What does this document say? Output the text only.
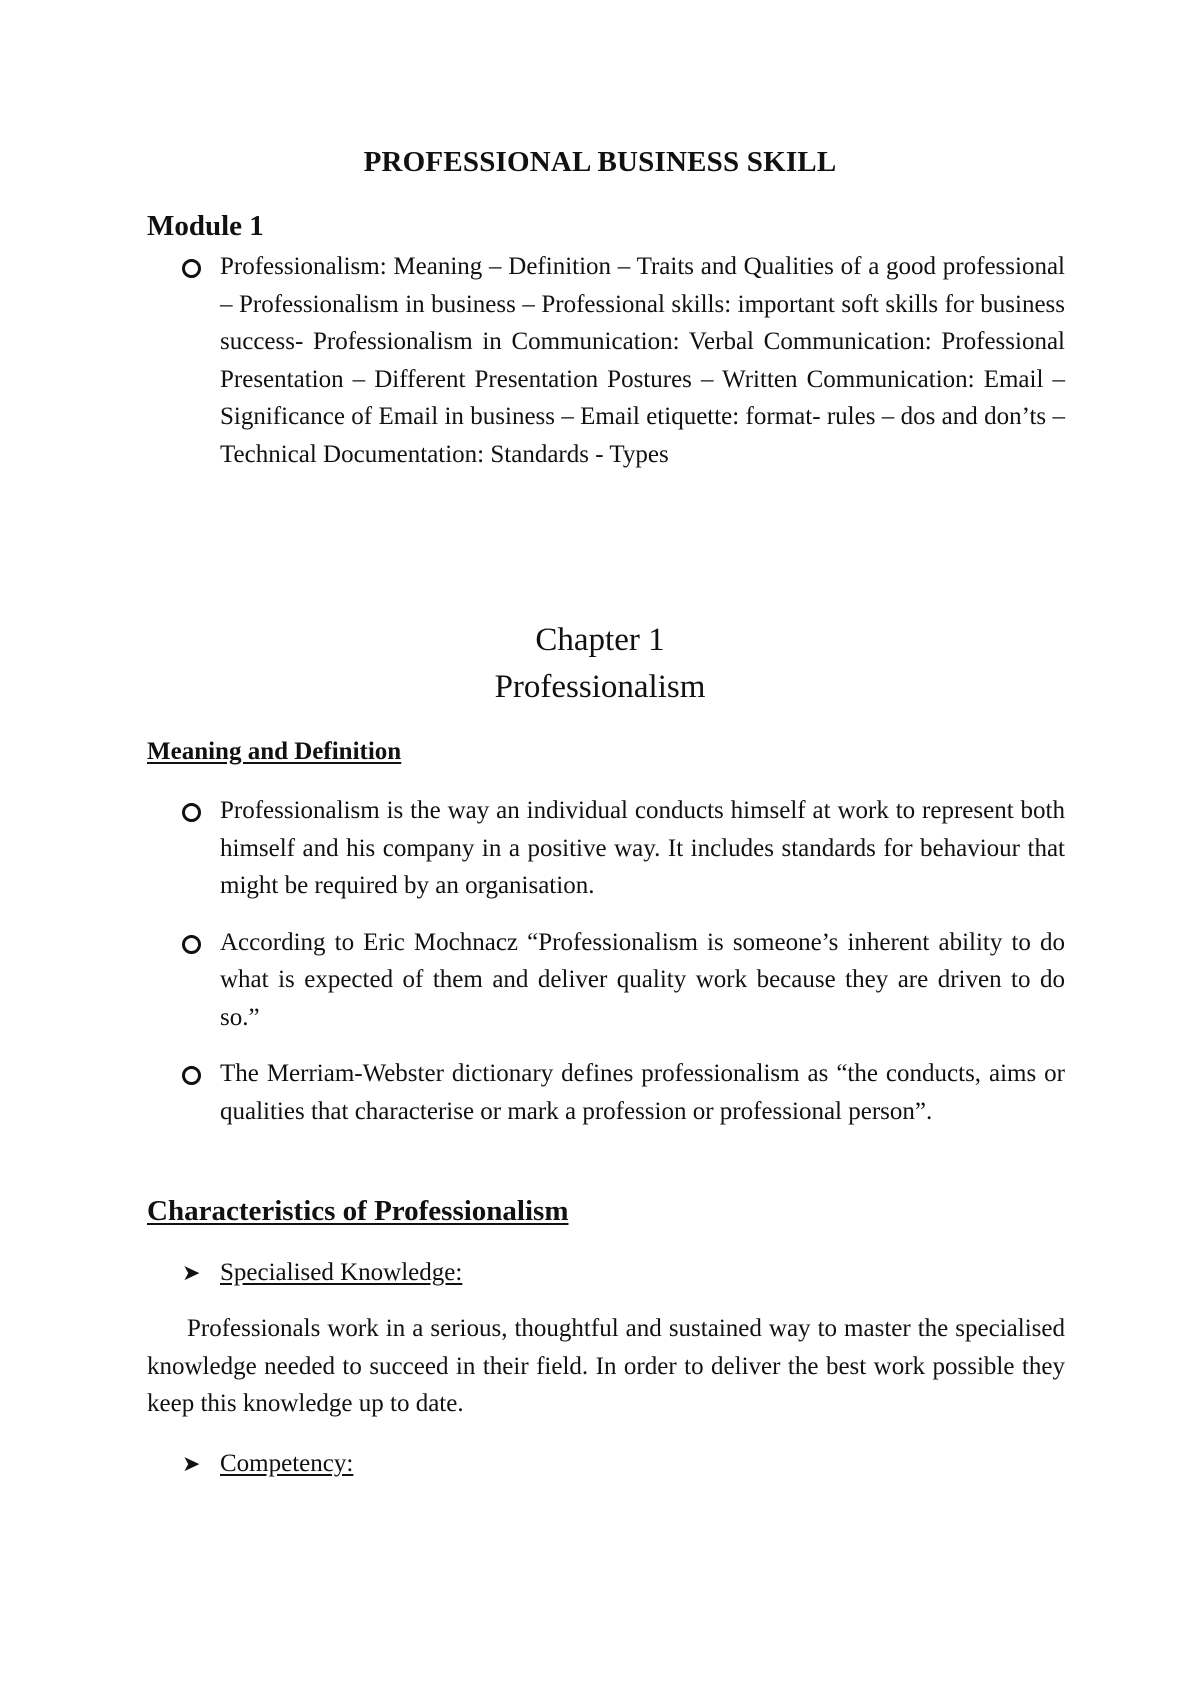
PROFESSIONAL BUSINESS SKILL
Module 1
Professionalism: Meaning – Definition – Traits and Qualities of a good professional – Professionalism in business – Professional skills: important soft skills for business success- Professionalism in Communication: Verbal Communication: Professional Presentation – Different Presentation Postures – Written Communication: Email – Significance of Email in business – Email etiquette: format- rules – dos and don’ts – Technical Documentation: Standards - Types
Chapter 1
Professionalism
Meaning and Definition
Professionalism is the way an individual conducts himself at work to represent both himself and his company in a positive way. It includes standards for behaviour that might be required by an organisation.
According to Eric Mochnacz “Professionalism is someone’s inherent ability to do what is expected of them and deliver quality work because they are driven to do so.”
The Merriam-Webster dictionary defines professionalism as “the conducts, aims or qualities that characterise or mark a profession or professional person”.
Characteristics of Professionalism
➤ Specialised Knowledge:
Professionals work in a serious, thoughtful and sustained way to master the specialised knowledge needed to succeed in their field. In order to deliver the best work possible they keep this knowledge up to date.
➤ Competency:
